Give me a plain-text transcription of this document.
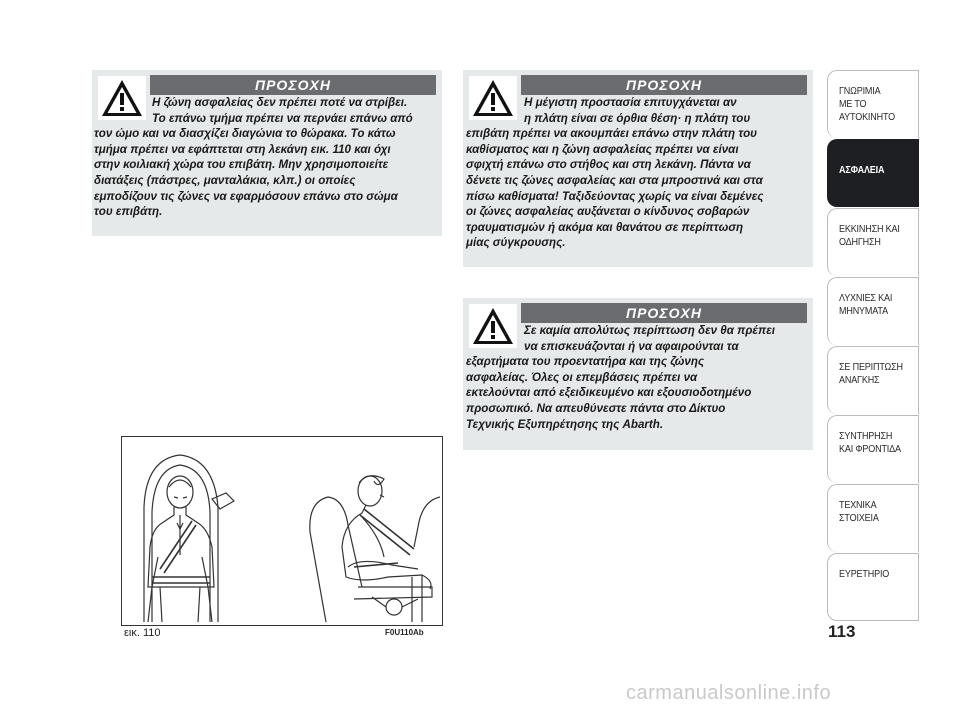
ΠΡΟΣΟΧΗ

Η ζώνη ασφαλείας δεν πρέπει ποτέ να στρίβει.
Το επάνω τμήμα πρέπει να περνάει επάνω από
τον ώμο και να διασχίζει διαγώνια το θώρακα. Το κάτω
τμήμα πρέπει να εφάπτεται στη λεκάνη εικ. 110 και όχι
στην κοιλιακή χώρα του επιβάτη. Μην χρησιμοποιείτε
διατάξεις (πάστρες, μανταλάκια, κλπ.) οι οποίες
εμποδίζουν τις ζώνες να εφαρμόσουν επάνω στο σώμα
του επιβάτη.

ΠΡΟΣΟΧΗ

Η μέγιστη προστασία επιτυγχάνεται αν
η πλάτη είναι σε όρθια θέση· η πλάτη του
επιβάτη πρέπει να ακουμπάει επάνω στην πλάτη του
καθίσματος και η ζώνη ασφαλείας πρέπει να είναι
σφιχτή επάνω στο στήθος και στη λεκάνη. Πάντα να
δένετε τις ζώνες ασφαλείας και στα μπροστινά και στα
πίσω καθίσματα! Ταξιδεύοντας χωρίς να είναι δεμένες
οι ζώνες ασφαλείας αυξάνεται ο κίνδυνος σοβαρών
τραυματισμών ή ακόμα και θανάτου σε περίπτωση
μίας σύγκρουσης.

ΠΡΟΣΟΧΗ

Σε καμία απολύτως περίπτωση δεν θα πρέπει
να επισκευάζονται ή να αφαιρούνται τα
εξαρτήματα του προεντατήρα και της ζώνης
ασφαλείας. Όλες οι επεμβάσεις πρέπει να
εκτελούνται από εξειδικευμένο και εξουσιοδοτημένο
προσωπικό. Να απευθύνεστε πάντα στο Δίκτυο
Τεχνικής Εξυπηρέτησης της Abarth.

εικ. 110	F0U110Ab
ΓΝΩΡΙΜΙΑ
ΜΕ ΤΟ
ΑΥΤΟΚΙΝΗΤΟ
ΑΣΦΑΛΕΙΑ
ΕΚΚΙΝΗΣΗ ΚΑΙ
ΟΔΗΓΗΣΗ
ΛΥΧΝΙΕΣ ΚΑΙ
ΜΗΝΥΜΑΤΑ
ΣΕ ΠΕΡΙΠΤΩΣΗ
ΑΝΑΓΚΗΣ
ΣΥΝΤΗΡΗΣΗ
ΚΑΙ ΦΡΟΝΤΙΔΑ
ΤΕΧΝΙΚΑ
ΣΤΟΙΧΕΙΑ
ΕΥΡΕΤΗΡΙΟ
113
carmanualsonline.info
